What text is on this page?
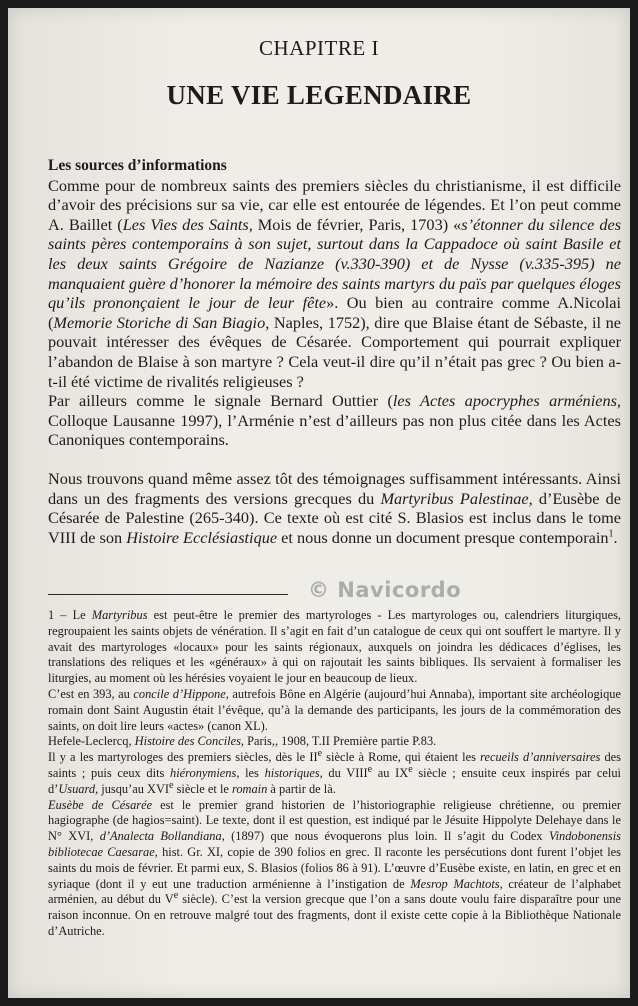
CHAPITRE I
UNE VIE LEGENDAIRE

Les sources d’informations

Comme pour de nombreux saints des premiers siècles du christianisme, il est difficile d’avoir des précisions sur sa vie, car elle est entourée de légendes. Et l’on peut comme A. Baillet (Les Vies des Saints, Mois de février, Paris, 1703) «s’étonner du silence des saints pères contemporains à son sujet, surtout dans la Cappadoce où saint Basile et les deux saints Grégoire de Nazianze (v.330-390) et de Nysse (v.335-395) ne manquaient guère d’honorer la mémoire des saints martyrs du païs par quelques éloges qu’ils prononçaient le jour de leur fête». Ou bien au contraire comme A.Nicolai (Memorie Storiche di San Biagio, Naples, 1752), dire que Blaise étant de Sébaste, il ne pouvait intéresser des évêques de Césarée. Comportement qui pourrait expliquer l’abandon de Blaise à son martyre ? Cela veut-il dire qu’il n’était pas grec ? Ou bien a-t-il été victime de rivalités religieuses ?

Par ailleurs comme le signale Bernard Outtier (les Actes apocryphes arméniens, Colloque Lausanne 1997), l’Arménie n’est d’ailleurs pas non plus citée dans les Actes Canoniques contemporains.

Nous trouvons quand même assez tôt des témoignages suffisamment intéressants. Ainsi dans un des fragments des versions grecques du Martyribus Palestinae, d’Eusèbe de Césarée de Palestine (265-340). Ce texte où est cité S. Blasios est inclus dans le tome VIII de son Histoire Ecclésiastique et nous donne un document presque contemporain$^1$.

© Navicordo

1 – Le Martyribus est peut-être le premier des martyrologes - Les martyrologes ou, calendriers liturgiques, regroupaient les saints objets de vénération. Il s’agit en fait d’un catalogue de ceux qui ont souffert le martyre. Il y avait des martyrologes «locaux» pour les saints régionaux, auxquels on joindra les dédicaces d’églises, les translations des reliques et les «généraux» à qui on rajoutait les saints bibliques. Ils servaient à formaliser les liturgies, au moment où les hérésies voyaient le jour en beaucoup de lieux.

C’est en 393, au concile d’Hippone, autrefois Bône en Algérie (aujourd’hui Annaba), important site archéologique romain dont Saint Augustin était l’évêque, qu’à la demande des participants, les jours de la commémoration des saints, on doit lire leurs «actes» (canon XL).

Hefele-Leclercq, Histoire des Conciles, Paris,, 1908, T.II Première partie P.83.

Il y a les martyrologes des premiers siècles, dès le IIe siècle à Rome, qui étaient les recueils d’anniversaires des saints ; puis ceux dits hiéronymiens, les historiques, du VIIIe au IXe siècle ; ensuite ceux inspirés par celui d’Usuard, jusqu’au XVIe siècle et le romain à partir de là.

Eusèbe de Césarée est le premier grand historien de l’historiographie religieuse chrétienne, ou premier hagiographe (de hagios=saint). Le texte, dont il est question, est indiqué par le Jésuite Hippolyte Delehaye dans le N° XVI, d’Analecta Bollandiana, (1897) que nous évoquerons plus loin. Il s’agit du Codex Vindobonensis bibliotecae Caesarae, hist. Gr. XI, copie de 390 folios en grec. Il raconte les persécutions dont furent l’objet les saints du mois de février. Et parmi eux, S. Blasios (folios 86 à 91). L’œuvre d’Eusèbe existe, en latin, en grec et en syriaque (dont il y eut une traduction arménienne à l’instigation de Mesrop Machtots, créateur de l’alphabet arménien, au début du Ve siècle). C’est la version grecque que l’on a sans doute voulu faire disparaître pour une raison inconnue. On en retrouve malgré tout des fragments, dont il existe cette copie à la Bibliothèque Nationale d’Autriche.
